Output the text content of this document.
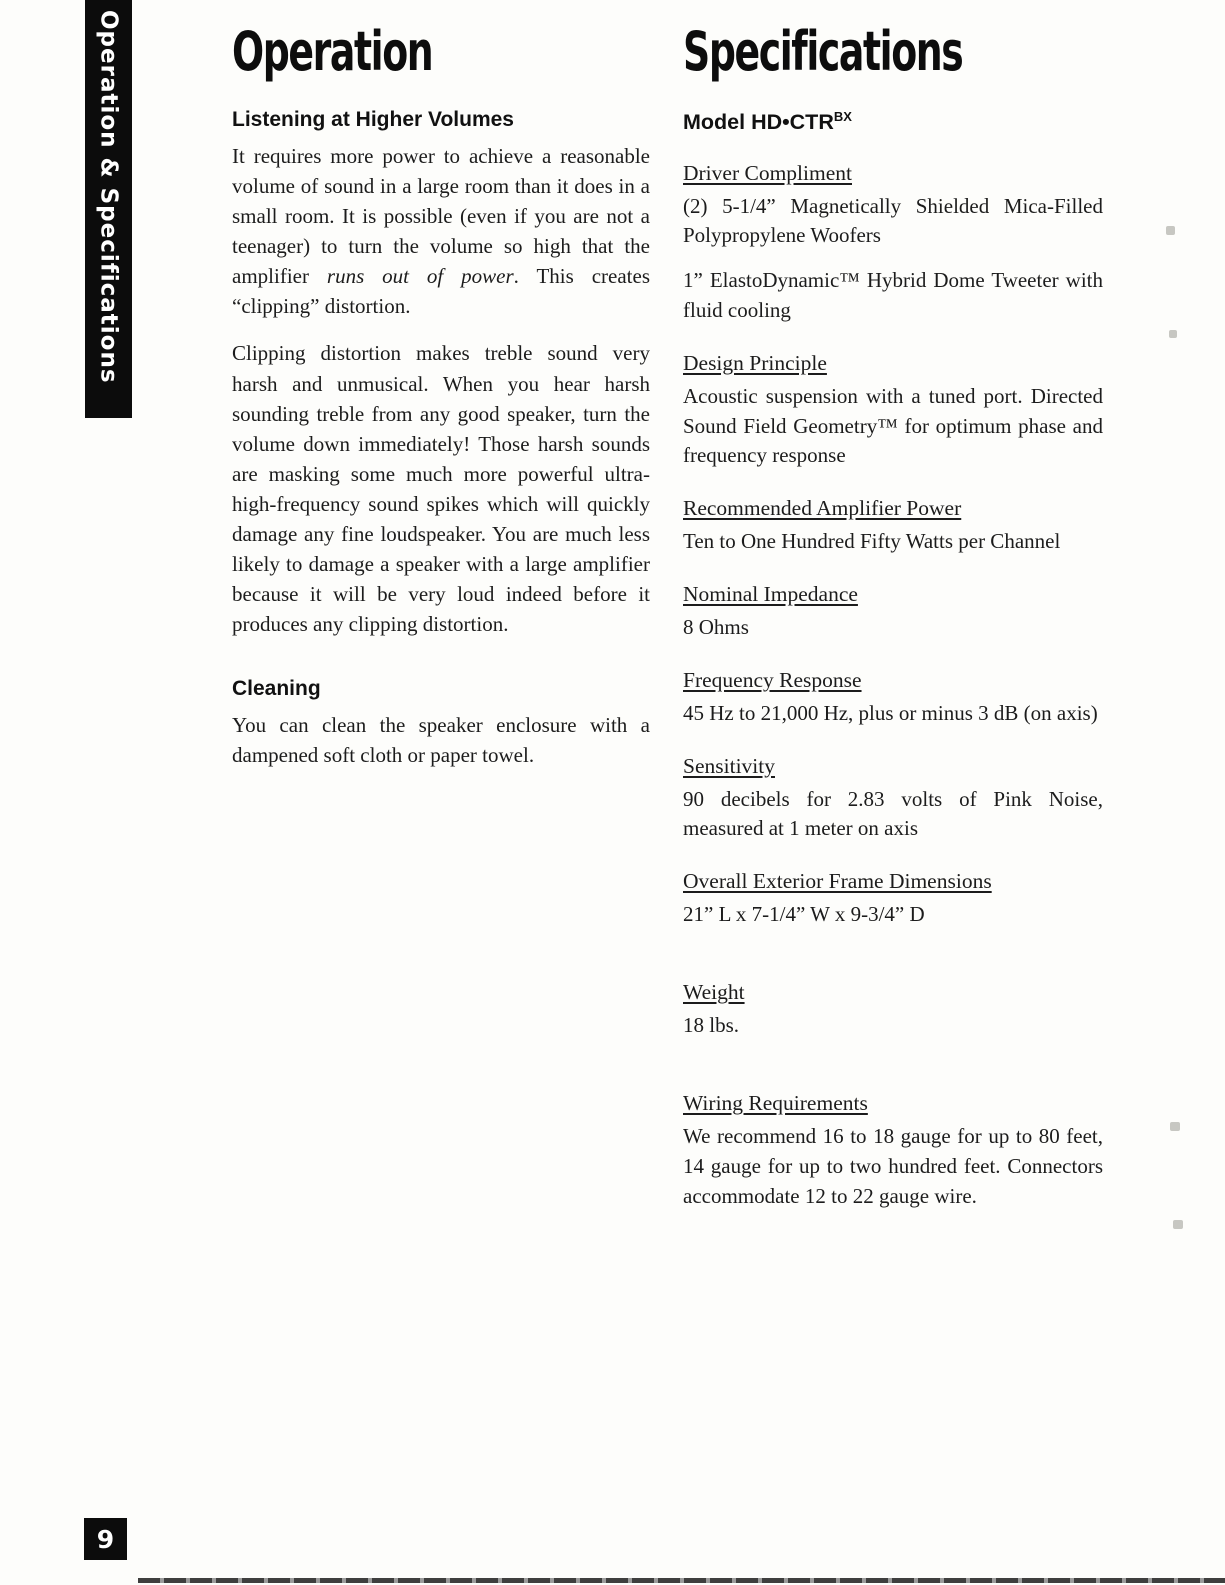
Operation & Specifications Operation
Listening at Higher Volumes

It requires more power to achieve a reasonable volume of sound in a large room than it does in a small room. It is possible (even if you are not a teenager) to turn the volume so high that the amplifier runs out of power. This creates “clipping” distortion.

Clipping distortion makes treble sound very harsh and unmusical. When you hear harsh sounding treble from any good speaker, turn the volume down immediately! Those harsh sounds are masking some much more powerful ultra-high-frequency sound spikes which will quickly damage any fine loudspeaker. You are much less likely to damage a speaker with a large amplifier because it will be very loud indeed before it produces any clipping distortion.

Cleaning

You can clean the speaker enclosure with a dampened soft cloth or paper towel.

Specifications
Model $HD•CTR^{BX}$
Driver Compliment

(2) 5-1/4” Magnetically Shielded Mica-Filled Polypropylene Woofers

1” ElastoDynamic™ Hybrid Dome Tweeter with fluid cooling

Design Principle

Acoustic suspension with a tuned port. Directed Sound Field Geometry™ for optimum phase and frequency response

Recommended Amplifier Power

Ten to One Hundred Fifty Watts per Channel

Nominal Impedance

8 Ohms

Frequency Response

45 Hz to 21,000 Hz, plus or minus 3 dB (on axis)

Sensitivity

90 decibels for 2.83 volts of Pink Noise, measured at 1 meter on axis

Overall Exterior Frame Dimensions

21” L x 7-1/4” W x 9-3/4” D

Weight

18 lbs.

Wiring Requirements

We recommend 16 to 18 gauge for up to 80 feet, 14 gauge for up to two hundred feet. Connectors accommodate 12 to 22 gauge wire.

9
